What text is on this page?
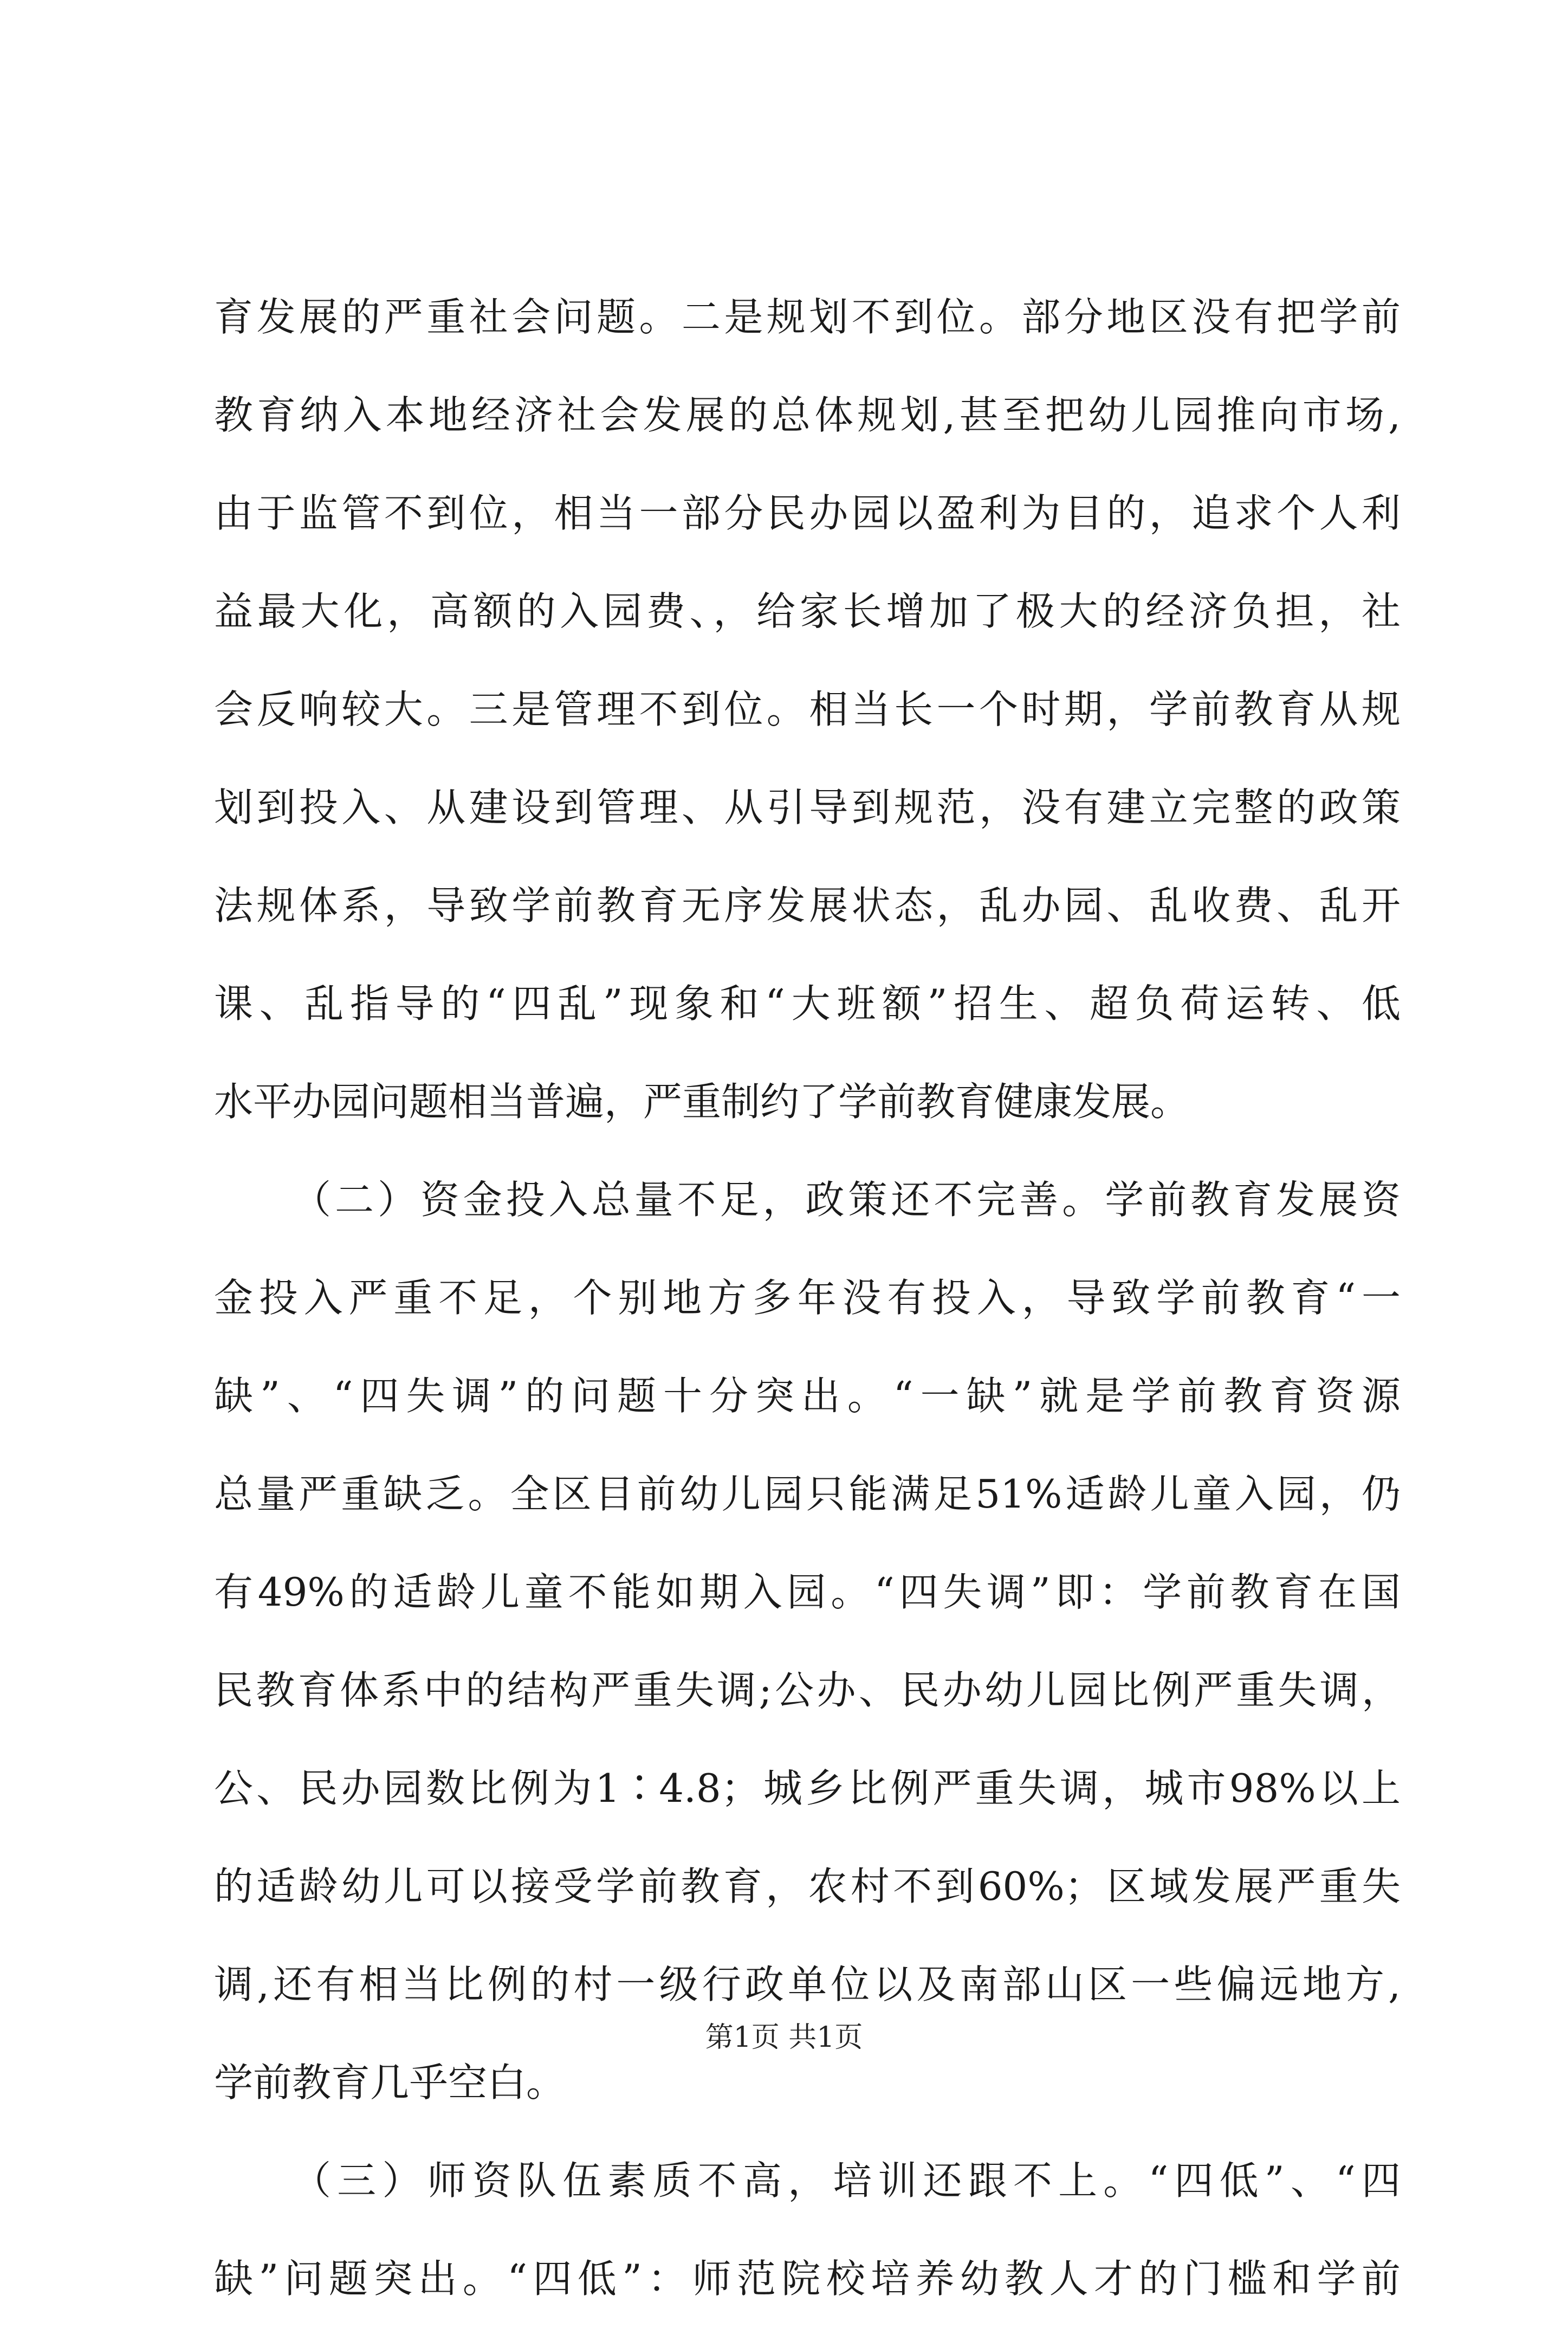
育发展的严重社会问题。二是规划不到位。部分地区没有把学前
教育纳入本地经济社会发展的总体规划,甚至把幼儿园推向市场,
由于监管不到位，相当一部分民办园以盈利为目的，追求个人利
益最大化，高额的入园费、，给家长增加了极大的经济负担，社
会反响较大。三是管理不到位。相当长一个时期，学前教育从规
划到投入、从建设到管理、从引导到规范，没有建立完整的政策
法规体系，导致学前教育无序发展状态，乱办园、乱收费、乱开
课、乱指导的“四乱”现象和“大班额”招生、超负荷运转、低
水平办园问题相当普遍，严重制约了学前教育健康发展。
（二）资金投入总量不足，政策还不完善。学前教育发展资
金投入严重不足，个别地方多年没有投入，导致学前教育“一
缺”、“四失调”的问题十分突出。“一缺”就是学前教育资源
总量严重缺乏。全区目前幼儿园只能满足51%适龄儿童入园，仍
有49%的适龄儿童不能如期入园。“四失调”即：学前教育在国
民教育体系中的结构严重失调;公办、民办幼儿园比例严重失调，
公、民办园数比例为1∶4.8；城乡比例严重失调，城市98%以上
的适龄幼儿可以接受学前教育，农村不到60%；区域发展严重失
调,还有相当比例的村一级行政单位以及南部山区一些偏远地方,
学前教育几乎空白。
（三）师资队伍素质不高，培训还跟不上。“四低”、“四
缺”问题突出。“四低”：师范院校培养幼教人才的门槛和学前
第1页 共1页
